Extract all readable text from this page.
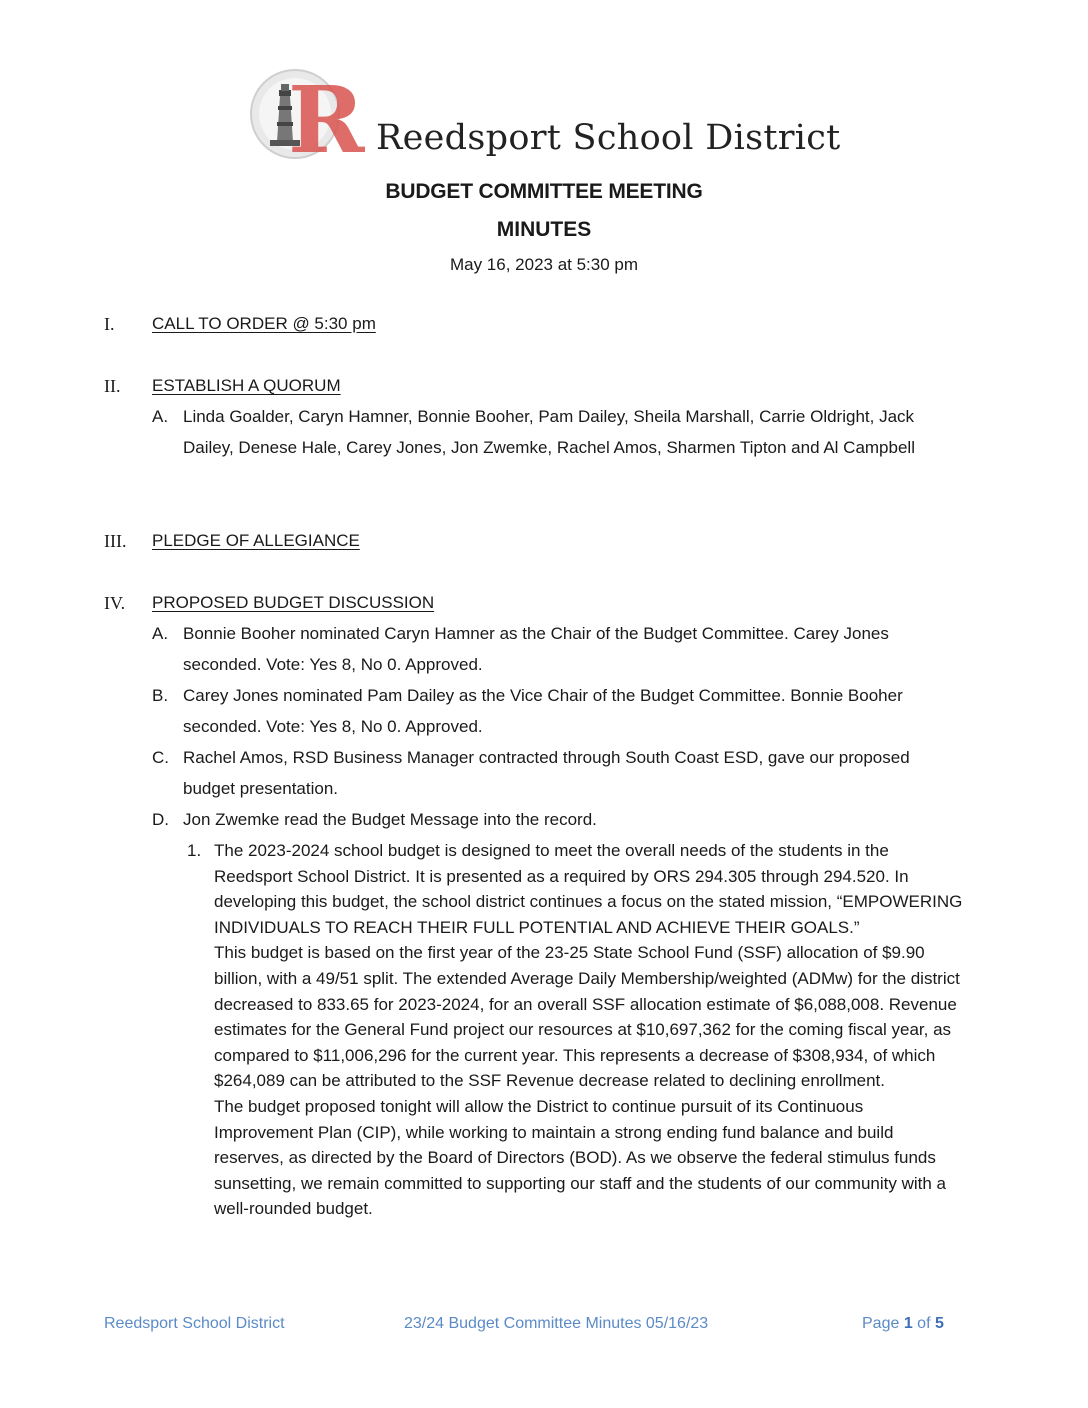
R Reedsport School District
BUDGET COMMITTEE MEETING
MINUTES
May 16, 2023 at 5:30 pm
I. CALL TO ORDER @ 5:30 pm
II. ESTABLISH A QUORUM
A. Linda Goalder, Caryn Hamner, Bonnie Booher, Pam Dailey, Sheila Marshall, Carrie Oldright, Jack Dailey, Denese Hale, Carey Jones, Jon Zwemke, Rachel Amos, Sharmen Tipton and Al Campbell
III. PLEDGE OF ALLEGIANCE
IV. PROPOSED BUDGET DISCUSSION
A. Bonnie Booher nominated Caryn Hamner as the Chair of the Budget Committee. Carey Jones seconded. Vote: Yes 8, No 0. Approved.
B. Carey Jones nominated Pam Dailey as the Vice Chair of the Budget Committee. Bonnie Booher seconded. Vote: Yes 8, No 0. Approved.
C. Rachel Amos, RSD Business Manager contracted through South Coast ESD, gave our proposed budget presentation.
D. Jon Zwemke read the Budget Message into the record.
1. The 2023-2024 school budget is designed to meet the overall needs of the students in the Reedsport School District. It is presented as a required by ORS 294.305 through 294.520. In developing this budget, the school district continues a focus on the stated mission, “EMPOWERING INDIVIDUALS TO REACH THEIR FULL POTENTIAL AND ACHIEVE THEIR GOALS.”

This budget is based on the first year of the 23-25 State School Fund (SSF) allocation of $9.90 billion, with a 49/51 split. The extended Average Daily Membership/weighted (ADMw) for the district decreased to 833.65 for 2023-2024, for an overall SSF allocation estimate of $6,088,008. Revenue estimates for the General Fund project our resources at $10,697,362 for the coming fiscal year, as compared to $11,006,296 for the current year. This represents a decrease of $308,934, of which $264,089 can be attributed to the SSF Revenue decrease related to declining enrollment.

The budget proposed tonight will allow the District to continue pursuit of its Continuous Improvement Plan (CIP), while working to maintain a strong ending fund balance and build reserves, as directed by the Board of Directors (BOD). As we observe the federal stimulus funds sunsetting, we remain committed to supporting our staff and the students of our community with a well-rounded budget.

Reedsport School District	23/24 Budget Committee Minutes 05/16/23	Page 1 of 5
